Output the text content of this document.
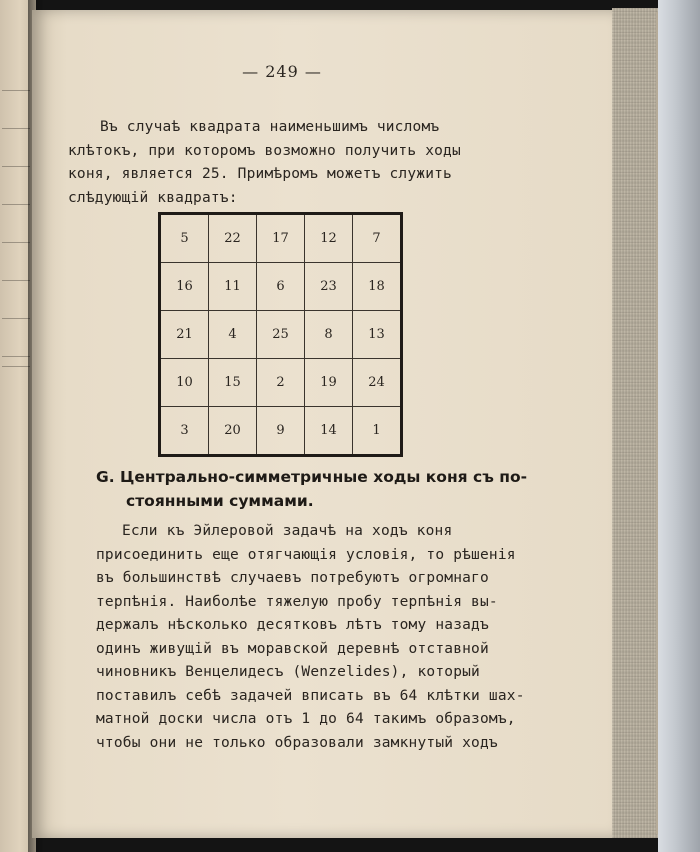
— 249 —
Въ случаѣ квадрата наименьшимъ числомъ
клѣтокъ, при которомъ возможно получить ходы
коня, является 25. Примѣромъ можетъ служить
слѣдующій квадратъ:
5	22	17	12	7
16	11	6	23	18
21	4	25	8	13
10	15	2	19	24
3	20	9	14	1
G. Центрально-симметричные ходы коня съ по-
стоянными суммами.
Если къ Эйлеровой задачѣ на ходъ коня
присоединить еще отягчающія условія, то рѣшенія
въ большинствѣ случаевъ потребуютъ огромнаго
терпѣнія. Наиболѣе тяжелую пробу терпѣнія вы-
держалъ нѣсколько десятковъ лѣтъ тому назадъ
одинъ живущій въ моравской деревнѣ отставной
чиновникъ Венцелидесъ (Wenzelides), который
поставилъ себѣ задачей вписать въ 64 клѣтки шах-
матной доски числа отъ 1 до 64 такимъ образомъ,
чтобы они не только образовали замкнутый ходъ
